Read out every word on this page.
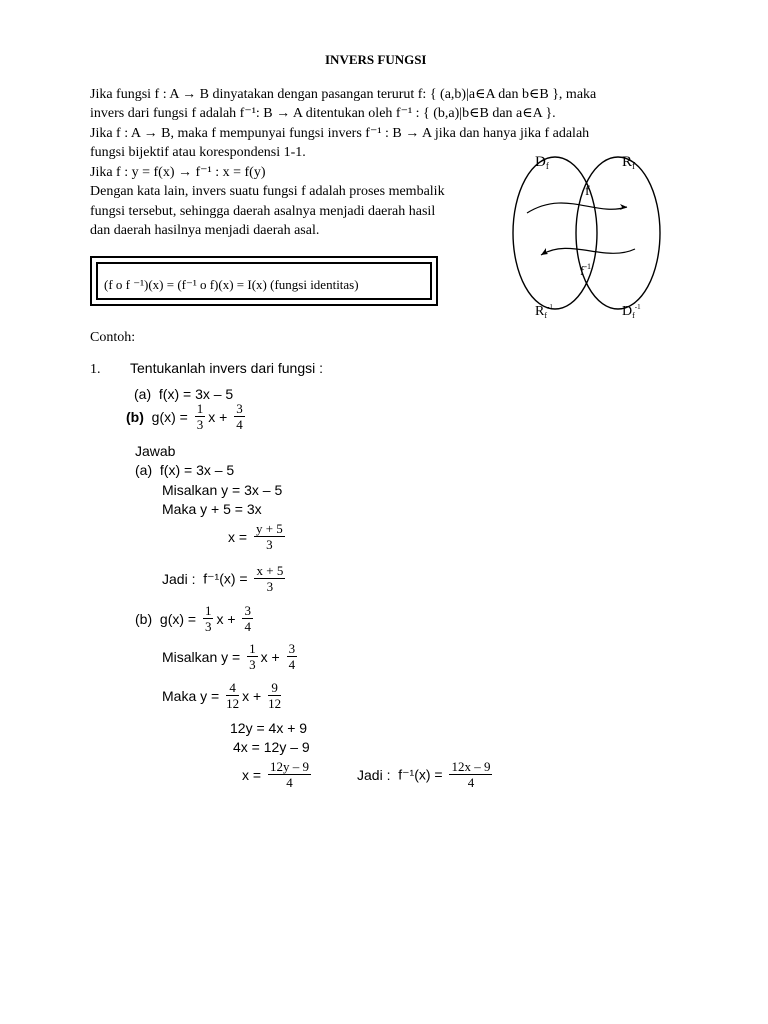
INVERS FUNGSI
Jika fungsi f : A → B dinyatakan dengan pasangan terurut f: { (a,b)|a∈A dan b∈B }, maka
invers dari fungsi f adalah f⁻¹: B → A ditentukan oleh f⁻¹ : { (b,a)|b∈B dan a∈A }.
Jika f : A → B, maka f mempunyai fungsi invers f⁻¹ : B → A jika dan hanya jika f adalah
fungsi bijektif atau korespondensi 1-1.
Jika f : y = f(x) → f⁻¹ : x = f(y)
Dengan kata lain, invers suatu fungsi f adalah proses membalik
fungsi tersebut, sehingga daerah asalnya menjadi daerah hasil
dan daerah hasilnya menjadi daerah asal.
(f o f ⁻¹)(x) = (f⁻¹ o f)(x) = I(x) (fungsi identitas)
$D_f$	$R_f$
f
$f^{-1}$
$R_f^{-1}$	$D_f^{-1}$
Contoh:
1. Tentukanlah invers dari fungsi :
(a) f(x) = 3x – 5
(b) $g(x) = \frac{1}{3}$ $x + \frac{3}{4}$
Jawab
(a) f(x) = 3x – 5
Misalkan y = 3x – 5
Maka y + 5 = 3x
$x = \frac{y + 5}{3}$
Jadi : $f^{-1}(x) = \frac{x + 5}{3}$
(b) $g(x) = \frac{1}{3}$ $x + \frac{3}{4}$
Misalkan $y = \frac{1}{3}$ $x + \frac{3}{4}$
Maka $y = \frac{4}{12}$ $x + \frac{9}{12}$
12y = 4x + 9
4x = 12y – 9
$x = \frac{12y - 9}{4}$	Jadi : $f^{-1}(x) = \frac{12x - 9}{4}$
